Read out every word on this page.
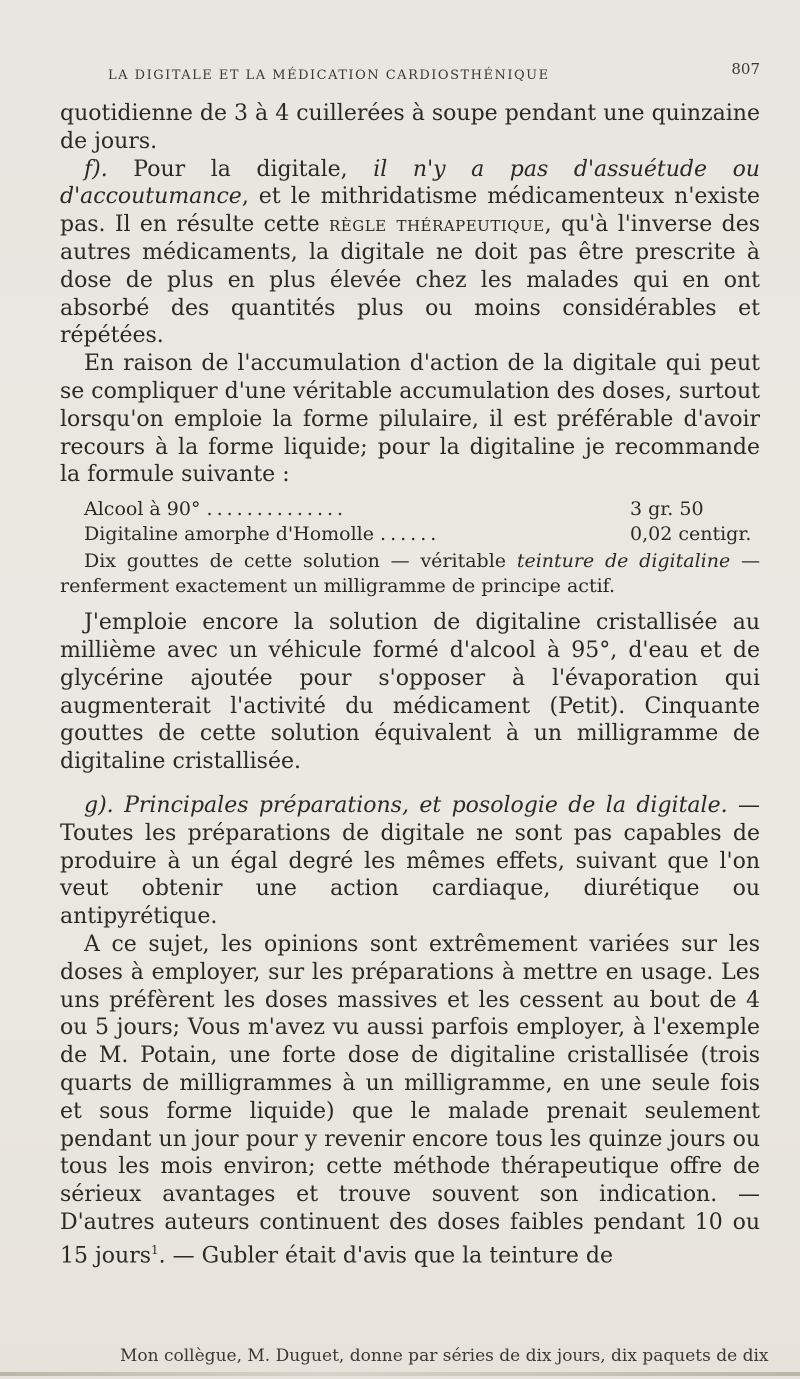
LA DIGITALE ET LA MÉDICATION CARDIOSTHÉNIQUE	807

quotidienne de 3 à 4 cuillerées à soupe pendant une quinzaine de jours.

f). Pour la digitale, il n'y a pas d'assuétude ou d'accoutumance, et le mithridatisme médicamenteux n'existe pas. Il en résulte cette règle thérapeutique, qu'à l'inverse des autres médicaments, la digitale ne doit pas être prescrite à dose de plus en plus élevée chez les malades qui en ont absorbé des quantités plus ou moins considérables et répétées.

En raison de l'accumulation d'action de la digitale qui peut se compliquer d'une véritable accumulation des doses, surtout lorsqu'on emploie la forme pilulaire, il est préférable d'avoir recours à la forme liquide; pour la digitaline je recommande la formule suivante :

Alcool à 90° ..............	3 gr. 50
Digitaline amorphe d'Homolle ......	0,02 centigr.

Dix gouttes de cette solution — véritable teinture de digitaline — renferment exactement un milligramme de principe actif.

J'emploie encore la solution de digitaline cristallisée au millième avec un véhicule formé d'alcool à 95°, d'eau et de glycérine ajoutée pour s'opposer à l'évaporation qui augmenterait l'activité du médicament (Petit). Cinquante gouttes de cette solution équivalent à un milligramme de digitaline cristallisée.

g). Principales préparations, et posologie de la digitale. — Toutes les préparations de digitale ne sont pas capables de produire à un égal degré les mêmes effets, suivant que l'on veut obtenir une action cardiaque, diurétique ou antipyrétique.

A ce sujet, les opinions sont extrêmement variées sur les doses à employer, sur les préparations à mettre en usage. Les uns préfèrent les doses massives et les cessent au bout de 4 ou 5 jours; Vous m'avez vu aussi parfois employer, à l'exemple de M. Potain, une forte dose de digitaline cristallisée (trois quarts de milligrammes à un milligramme, en une seule fois et sous forme liquide) que le malade prenait seulement pendant un jour pour y revenir encore tous les quinze jours ou tous les mois environ; cette méthode thérapeutique offre de sérieux avantages et trouve souvent son indication. — D'autres auteurs continuent des doses faibles pendant 10 ou 15 jours$^1$. — Gubler était d'avis que la teinture de

Mon collègue, M. Duguet, donne par séries de dix jours, dix paquets de dix
